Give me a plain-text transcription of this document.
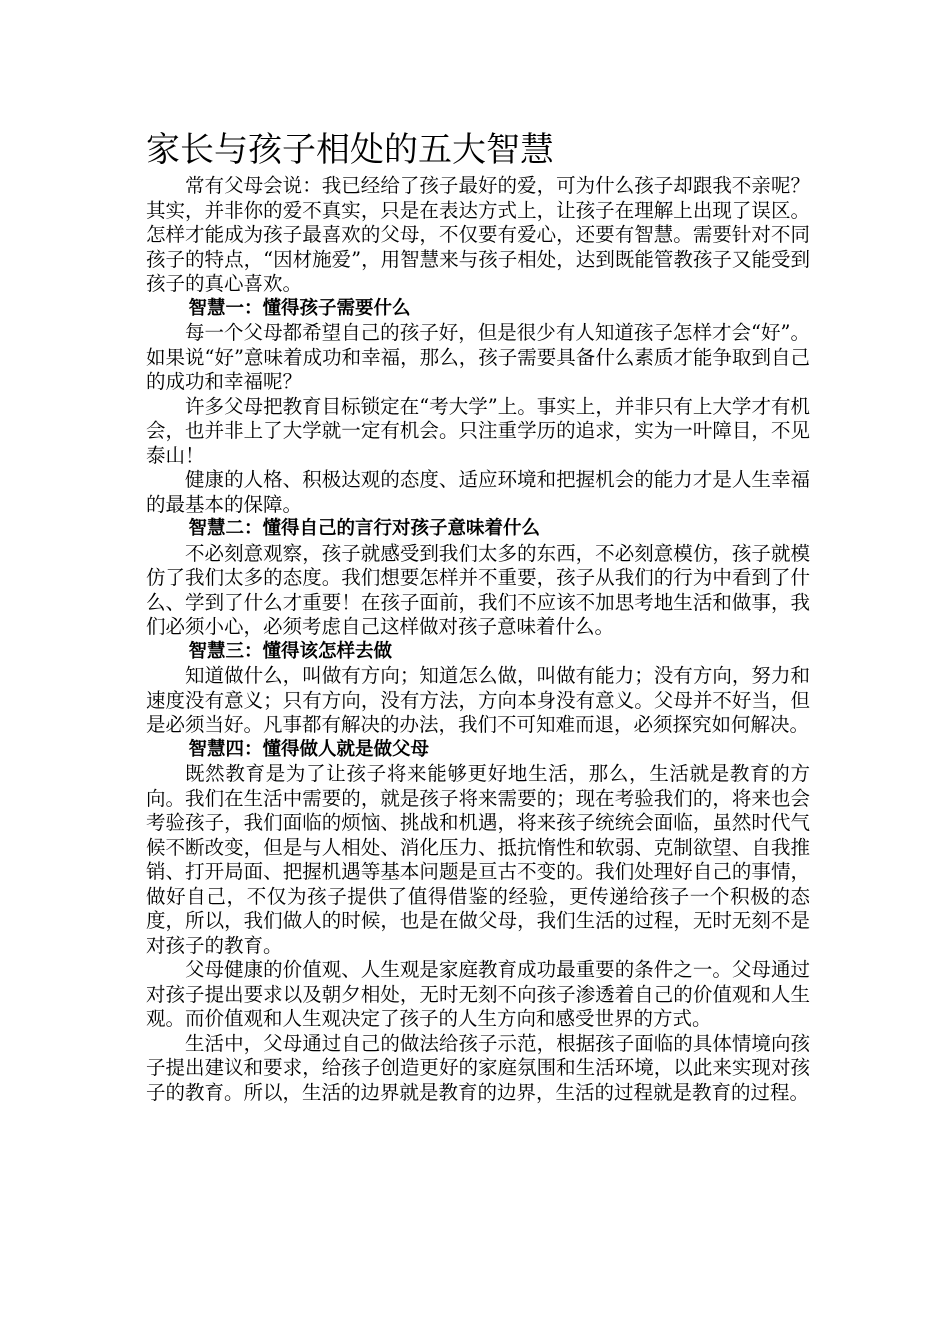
家长与孩子相处的五大智慧

常有父母会说：我已经给了孩子最好的爱，可为什么孩子却跟我不亲呢？其实，并非你的爱不真实，只是在表达方式上，让孩子在理解上出现了误区。怎样才能成为孩子最喜欢的父母，不仅要有爱心，还要有智慧。需要针对不同孩子的特点，“因材施爱”，用智慧来与孩子相处，达到既能管教孩子又能受到孩子的真心喜欢。

智慧一：懂得孩子需要什么

每一个父母都希望自己的孩子好，但是很少有人知道孩子怎样才会“好”。如果说“好”意味着成功和幸福，那么，孩子需要具备什么素质才能争取到自己的成功和幸福呢？

许多父母把教育目标锁定在“考大学”上。事实上，并非只有上大学才有机会，也并非上了大学就一定有机会。只注重学历的追求，实为一叶障目，不见泰山！

健康的人格、积极达观的态度、适应环境和把握机会的能力才是人生幸福的最基本的保障。

智慧二：懂得自己的言行对孩子意味着什么

不必刻意观察，孩子就感受到我们太多的东西，不必刻意模仿，孩子就模仿了我们太多的态度。我们想要怎样并不重要，孩子从我们的行为中看到了什么、学到了什么才重要！在孩子面前，我们不应该不加思考地生活和做事，我们必须小心，必须考虑自己这样做对孩子意味着什么。

智慧三：懂得该怎样去做

知道做什么，叫做有方向；知道怎么做，叫做有能力；没有方向，努力和速度没有意义；只有方向，没有方法，方向本身没有意义。父母并不好当，但是必须当好。凡事都有解决的办法，我们不可知难而退，必须探究如何解决。

智慧四：懂得做人就是做父母

既然教育是为了让孩子将来能够更好地生活，那么，生活就是教育的方向。我们在生活中需要的，就是孩子将来需要的；现在考验我们的，将来也会考验孩子，我们面临的烦恼、挑战和机遇，将来孩子统统会面临，虽然时代气候不断改变，但是与人相处、消化压力、抵抗惰性和软弱、克制欲望、自我推销、打开局面、把握机遇等基本问题是亘古不变的。我们处理好自己的事情，做好自己，不仅为孩子提供了值得借鉴的经验，更传递给孩子一个积极的态度，所以，我们做人的时候，也是在做父母，我们生活的过程，无时无刻不是对孩子的教育。

父母健康的价值观、人生观是家庭教育成功最重要的条件之一。父母通过对孩子提出要求以及朝夕相处，无时无刻不向孩子渗透着自己的价值观和人生观。而价值观和人生观决定了孩子的人生方向和感受世界的方式。

生活中，父母通过自己的做法给孩子示范，根据孩子面临的具体情境向孩子提出建议和要求，给孩子创造更好的家庭氛围和生活环境，以此来实现对孩子的教育。所以，生活的边界就是教育的边界，生活的过程就是教育的过程。
